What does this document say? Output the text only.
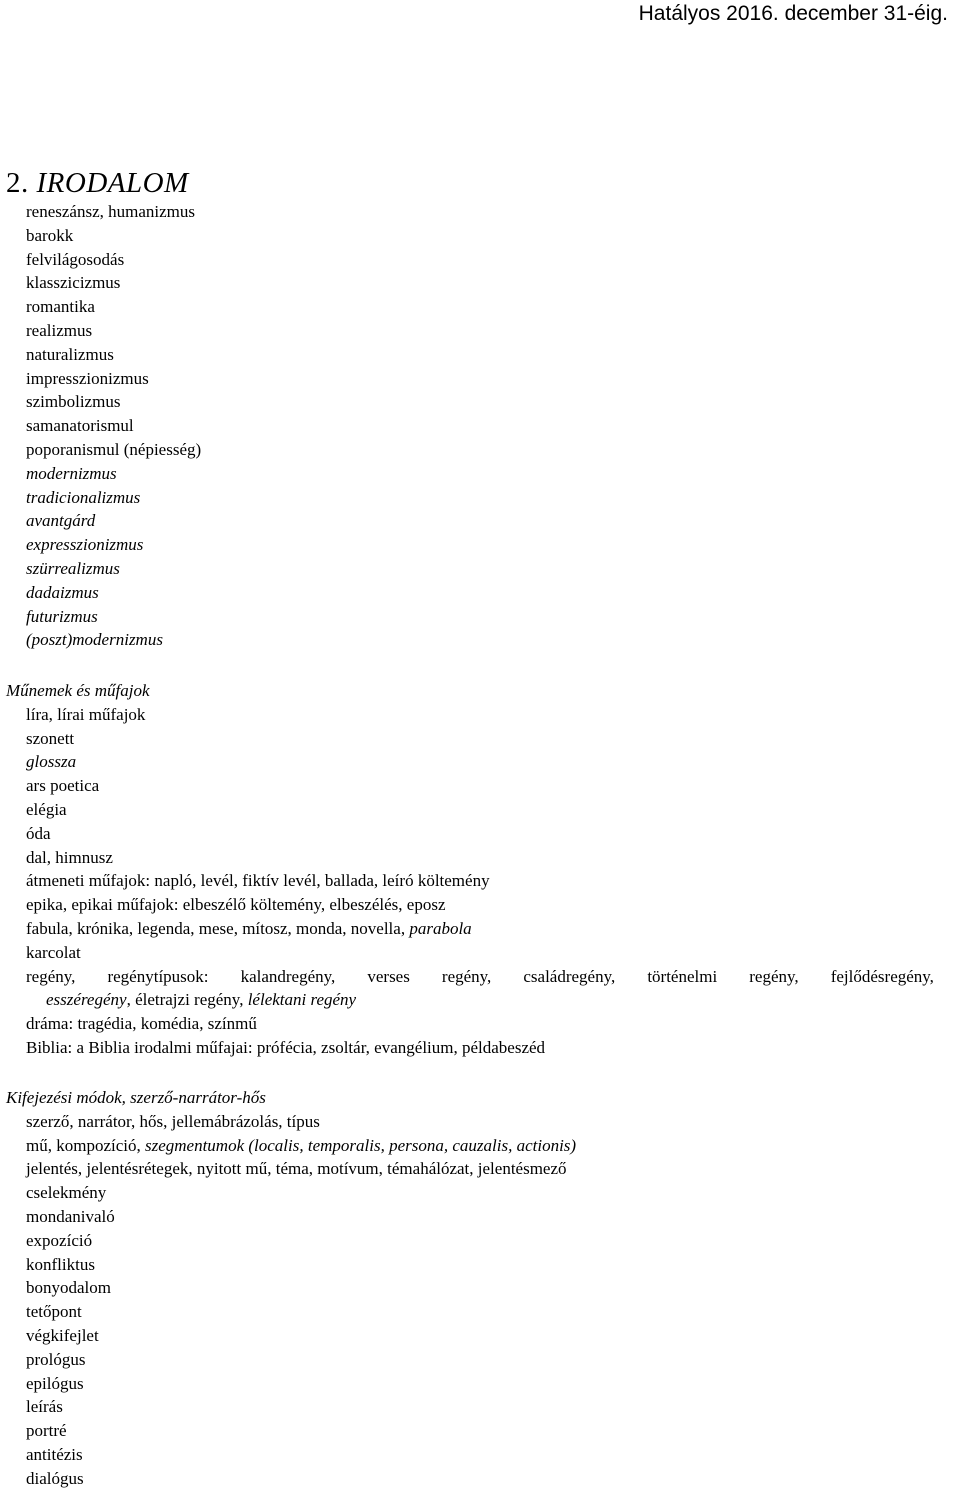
Hatályos 2016. december 31-éig.
2. IRODALOM
reneszánsz, humanizmus
barokk
felvilágosodás
klasszicizmus
romantika
realizmus
naturalizmus
impresszionizmus
szimbolizmus
samanatorismul
poporanismul (népiesség)
modernizmus
tradicionalizmus
avantgárd
expresszionizmus
szürrealizmus
dadaizmus
futurizmus
(poszt)modernizmus
Műnemek és műfajok
líra, lírai műfajok
szonett
glossza
ars poetica
elégia
óda
dal, himnusz
átmeneti műfajok: napló, levél, fiktív levél, ballada, leíró költemény
epika, epikai műfajok: elbeszélő költemény, elbeszélés, eposz
fabula, krónika, legenda, mese, mítosz, monda, novella, parabola
karcolat
regény, regénytípusok: kalandregény, verses regény, családregény, történelmi regény, fejlődésregény,
esszéregény, életrajzi regény, lélektani regény
dráma: tragédia, komédia, színmű
Biblia: a Biblia irodalmi műfajai: prófécia, zsoltár, evangélium, példabeszéd
Kifejezési módok, szerző-narrátor-hős
szerző, narrátor, hős, jellemábrázolás, típus
mű, kompozíció, szegmentumok (localis, temporalis, persona, cauzalis, actionis)
jelentés, jelentésrétegek, nyitott mű, téma, motívum, témahálózat, jelentésmező
cselekmény
mondanivaló
expozíció
konfliktus
bonyodalom
tetőpont
végkifejlet
prológus
epilógus
leírás
portré
antitézis
dialógus
